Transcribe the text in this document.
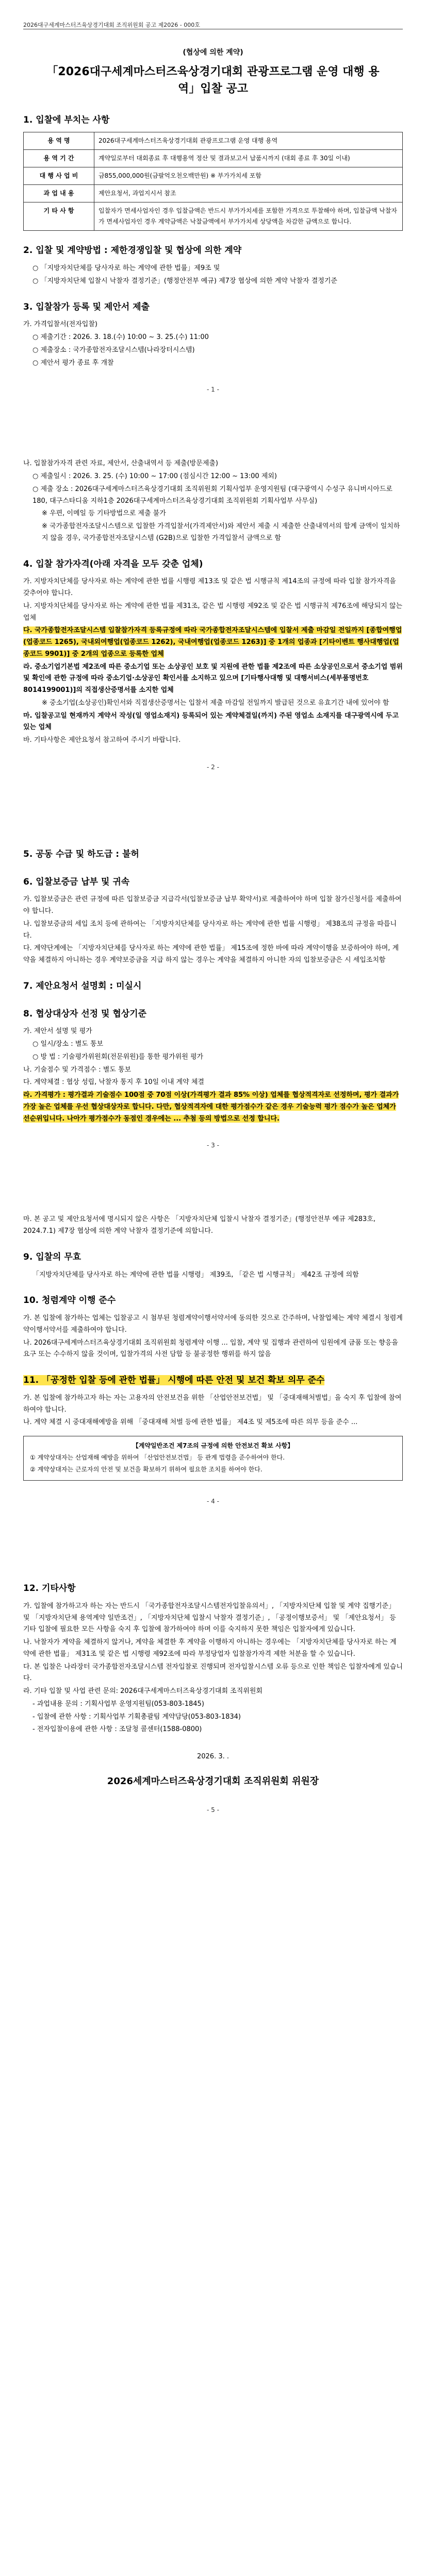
2026대구세계마스터즈육상경기대회 조직위원회 공고 제2026 - 000호
(협상에 의한 계약)
「2026대구세계마스터즈육상경기대회 관광프로그램 운영 대행 용역」입찰 공고
1. 입찰에 부치는 사항
용 역 명	2026대구세계마스터즈육상경기대회 관광프로그램 운영 대행 용역
용 역 기 간	계약일로부터 대회종료 후 대행용역 정산 및 결과보고서 납품시까지 (대회 종료 후 30일 이내)
대 행 사 업 비	금855,000,000원(금팔억오천오백만원) ※ 부가가치세 포함
과 업 내 용	제안요청서, 과업지시서 참조
기 타 사 항	입찰자가 면세사업자인 경우 입찰금액은 반드시 부가가치세를 포함한 가격으로 투찰해야 하며, 입찰금액 낙찰자가 면세사업자인 경우 계약금액은 낙찰금액에서 부가가치세 상당액을 차감한 금액으로 합니다.
2. 입찰 및 계약방법 : 제한경쟁입찰 및 협상에 의한 계약
○ 「지방자치단체를 당사자로 하는 계약에 관한 법률」제9조 및
○ 「지방자치단체 입찰시 낙찰자 결정기준」(행정안전부 예규) 제7장 협상에 의한 계약 낙찰자 결정기준
3. 입찰참가 등록 및 제안서 제출
가. 가격입찰서(전자입찰)
○ 제출기간 : 2026. 3. 18.(수) 10:00 ~ 3. 25.(수) 11:00
○ 제출장소 : 국가종합전자조달시스템(나라장터시스템)
○ 제안서 평가 종료 후 개찰
- 1 -
나. 입찰참가자격 관련 자료, 제안서, 산출내역서 등 제출(방문제출)
○ 제출일시 : 2026. 3. 25. (수) 10:00 ~ 17:00 (점심시간 12:00 ~ 13:00 제외)
○ 제출 장소 : 2026대구세계마스터즈육상경기대회 조직위원회 기획사업부 운영지원팀 (대구광역시 수성구 유니버시아드로 180, 대구스타디움 지하1층 2026대구세계마스터즈육상경기대회 조직위원회 기획사업부 사무실)
※ 우편, 이메일 등 기타방법으로 제출 불가
※ 국가종합전자조달시스템으로 입찰한 가격입찰서(가격제안서)와 제안서 제출 시 제출한 산출내역서의 합계 금액이 일치하지 않을 경우, 국가종합전자조달시스템 (G2B)으로 입찰한 가격입찰서 금액으로 함
4. 입찰 참가자격(아래 자격을 모두 갖춘 업체)
가. 지방자치단체를 당사자로 하는 계약에 관한 법률 시행령 제13조 및 같은 법 시행규칙 제14조의 규정에 따라 입찰 참가자격을 갖추어야 합니다.
나. 지방자치단체를 당사자로 하는 계약에 관한 법률 제31조, 같은 법 시행령 제92조 및 같은 법 시행규칙 제76조에 해당되지 않는 업체
다. 국가종합전자조달시스템 입찰참가자격 등록규정에 따라 국가종합전자조달시스템에 입찰서 제출 마감일 전일까지 [종합여행업(업종코드 1265), 국내외여행업(업종코드 1262), 국내여행업(업종코드 1263)] 중 1개의 업종과 [기타이벤트 행사대행업(업종코드 9901)] 중 2개의 업종으로 등록한 업체
라. 중소기업기본법 제2조에 따른 중소기업 또는 소상공인 보호 및 지원에 관한 법률 제2조에 따른 소상공인으로서 중소기업 범위 및 확인에 관한 규정에 따라 중소기업·소상공인 확인서를 소지하고 있으며 [기타행사대행 및 대행서비스(세부품명번호 8014199001)]의 직접생산증명서를 소지한 업체
※ 중소기업(소상공인)확인서와 직접생산증명서는 입찰서 제출 마감일 전일까지 발급된 것으로 유효기간 내에 있어야 함
마. 입찰공고일 현재까지 계약서 작성(일 영업소재지) 등록되어 있는 계약체결일(까지) 주된 영업소 소재지를 대구광역시에 두고 있는 업체
바. 기타사항은 제안요청서 참고하여 주시기 바랍니다.
- 2 -
5. 공동 수급 및 하도급 : 불허
6. 입찰보증금 납부 및 귀속
가. 입찰보증금은 관련 규정에 따른 입찰보증금 지급각서(입찰보증금 납부 확약서)로 제출하여야 하며 입찰 참가신청서를 제출하여야 합니다.
나. 입찰보증금의 세입 조치 등에 관하여는 「지방자치단체를 당사자로 하는 계약에 관한 법률 시행령」 제38조의 규정을 따릅니다.
다. 계약단계에는 「지방자치단체를 당사자로 하는 계약에 관한 법률」 제15조에 정한 바에 따라 계약이행을 보증하여야 하며, 계약을 체결하지 아니하는 경우 계약보증금을 지급 하지 않는 경우는 계약을 체결하지 아니한 자의 입찰보증금은 시 세입조치함
7. 제안요청서 설명회 : 미실시
8. 협상대상자 선정 및 협상기준
가. 제안서 설명 및 평가
○ 일시/장소 : 별도 통보
○ 방 법 : 기술평가위원회(전문위원)를 통한 평가위원 평가
나. 기술점수 및 가격점수 : 별도 통보
다. 계약체결 : 협상 성립, 낙찰자 통지 후 10일 이내 계약 체결
라. 가격평가 : 평가결과 기술점수 100점 중 70점 이상(가격평가 결과 85% 이상) 업체를 협상적격자로 선정하며, 평가 결과가 가장 높은 업체를 우선 협상대상자로 합니다. 다만, 협상적격자에 대한 평가점수가 같은 경우 기술능력 평가 점수가 높은 업체가 선순위입니다. 나아가 평가점수가 동점인 경우에는 ... 추첨 등의 방법으로 선정 합니다.
- 3 -
마. 본 공고 및 제안요청서에 명시되지 않은 사항은 「지방자치단체 입찰시 낙찰자 결정기준」(행정안전부 예규 제283호, 2024.7.1) 제7장 협상에 의한 계약 낙찰자 결정기준에 의합니다.
9. 입찰의 무효
「지방자치단체를 당사자로 하는 계약에 관한 법률 시행령」 제39조, 「같은 법 시행규칙」 제42조 규정에 의함
10. 청렴계약 이행 준수
가. 본 입찰에 참가하는 업체는 입찰공고 시 첨부된 청렴계약이행서약서에 동의한 것으로 간주하며, 낙찰업체는 계약 체결시 청렴계약이행서약서를 제출하여야 합니다.
나. 2026대구세계마스터즈육상경기대회 조직위원회 청렴계약 이행 ... 입찰, 계약 및 집행과 관련하여 임원에게 금품 또는 향응을 요구 또는 수수하지 않을 것이며, 입찰가격의 사전 담합 등 불공정한 행위를 하지 않음
11. 「공정한 입찰 등에 관한 법률」 시행에 따른 안전 및 보건 확보 의무 준수
가. 본 입찰에 참가하고자 하는 자는 고용자의 안전보건을 위한 「산업안전보건법」 및 「중대재해처벌법」을 숙지 후 입찰에 참여하여야 합니다.
나. 계약 체결 시 중대재해예방을 위해 「중대재해 처벌 등에 관한 법률」 제4조 및 제5조에 따른 의무 등을 준수 ...
【계약일반조건 제7조의 규정에 의한 안전보건 확보 사항】
① 계약상대자는 산업재해 예방을 위하여 「산업안전보건법」 등 관계 법령을 준수하여야 한다.
② 계약상대자는 근로자의 안전 및 보건을 확보하기 위하여 필요한 조치를 하여야 한다.
- 4 -
12. 기타사항
가. 입찰에 참가하고자 하는 자는 반드시 「국가종합전자조달시스템전자입찰유의서」, 「지방자치단체 입찰 및 계약 집행기준」 및 「지방자치단체 용역계약 일반조건」, 「지방자치단체 입찰시 낙찰자 결정기준」, 「공정이행보증서」 및 「제안요청서」 등 기타 입찰에 필요한 모든 사항을 숙지 후 입찰에 참가하여야 하며 이를 숙지하지 못한 책임은 입찰자에게 있습니다.
나. 낙찰자가 계약을 체결하지 않거나, 계약을 체결한 후 계약을 이행하지 아니하는 경우에는 「지방자치단체를 당사자로 하는 계약에 관한 법률」 제31조 및 같은 법 시행령 제92조에 따라 부정당업자 입찰참가자격 제한 처분을 할 수 있습니다.
다. 본 입찰은 나라장터 국가종합전자조달시스템 전자입찰로 진행되며 전자입찰시스템 오류 등으로 인한 책임은 입찰자에게 있습니다.
라. 기타 입찰 및 사업 관련 문의: 2026대구세계마스터즈육상경기대회 조직위원회
- 과업내용 문의 : 기획사업부 운영지원팀(053-803-1845)
- 입찰에 관한 사항 : 기획사업부 기획총괄팀 계약담당(053-803-1834)
- 전자입찰이용에 관한 사항 : 조달청 콜센터(1588-0800)
2026. 3. .
2026세계마스터즈육상경기대회 조직위원회 위원장
- 5 -
